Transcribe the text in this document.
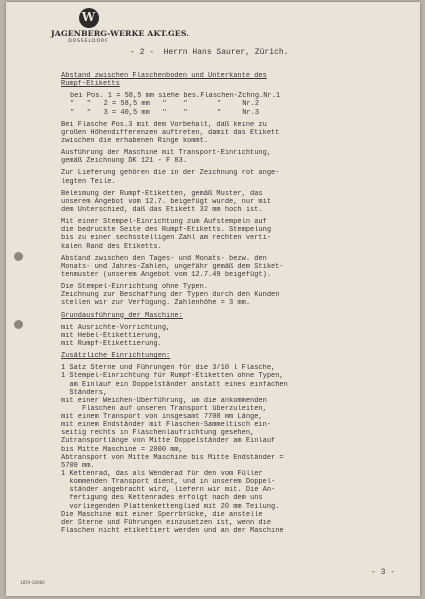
W
JAGENBERG-WERKE AKT.GES.
DÜSSELDORF
- 2 -  Herrn Hans Saurer, Zürich.
Abstand zwischen Flaschenboden und Unterkante des
Rumpf-Etiketts
bei Pos. 1 = 58,5 mm siehe bes.Flaschen-Zchng.Nr.1
"   "   2 = 58,5 mm   "    "       "     Nr.2
"   "   3 = 40,5 mm   "    "       "     Nr.3
Bei Flasche Pos.3 mit dem Vorbehalt, daß keine zu
großen Höhendifferenzen auftreten, damit das Etikett
zwischen die erhabenen Ringe kommt.
Ausführung der Maschine mit Transport-Einrichtung,
gemäß Zeichnung DK 121 - F 83.
Zur Lieferung gehören die in der Zeichnung rot ange-
legten Teile.
Beleimung der Rumpf-Etiketten, gemäß Muster, das
unserem Angebot vom 12.7. beigefügt wurde, nur mit
dem Unterschied, daß das Etikett 32 mm hoch ist.
Mit einer Stempel-Einrichtung zum Aufstempeln auf
die bedruckte Seite des Rumpf-Etiketts. Stempelung
bis zu einer sechsstelligen Zahl am rechten verti-
kalen Rand des Etiketts.
Abstand zwischen den Tages- und Monats- bezw. den
Monats- und Jahres-Zahlen, ungefähr gemäß dem Stiket-
tenmuster (unserem Angebot vom 12.7.49 beigefügt).
Die Stempel-Einrichtung ohne Typen.
Zeichnung zur Beschaffung der Typen durch den Kunden
stellen wir zur Verfügung. Zahlenhöhe = 3 mm.
Grundausführung der Maschine:
mit Ausrichte-Vorrichtung,
mit Hebel-Etikettierung,
mit Rumpf-Etikettierung.
Zusätzliche Einrichtungen:
1 Satz Sterne und Führungen für die 3/10 l Flasche,
1 Stempel-Einrichtung für Rumpf-Etiketten ohne Typen,
am Einlauf ein Doppelständer anstatt eines einfachen
Ständers,
mit einer Weichen-Überführung, um die ankommenden
Flaschen auf unseren Transport überzuleiten,
mit einem Transport von insgesamt 7700 mm Länge,
mit einem Endständer mit Flaschen-Sammeltisch ein-
seitig rechts in Flaschenlaufrichtung gesehen,
Zutransportlänge von Mitte Doppelständer am Einlauf
bis Mitte Maschine = 2000 mm,
Abtransport von Mitte Maschine bis Mitte Endständer =
5700 mm.
1 Kettenrad, das als Wenderad für den vom Füller
kommenden Transport dient, und in unserem Doppel-
ständer angebracht wird, liefern wir mit. Die An-
fertigung des Kettenrades erfolgt nach dem uns
vorliegenden Plattenkettenglied mit 20 mm Teilung.
Die Maschine mit einer Sperrbrücke, die anstelle
der Sterne und Führungen einzusetzen ist, wenn die
Flaschen nicht etikettiert werden und an der Maschine
- 3 -
1859 G0066
